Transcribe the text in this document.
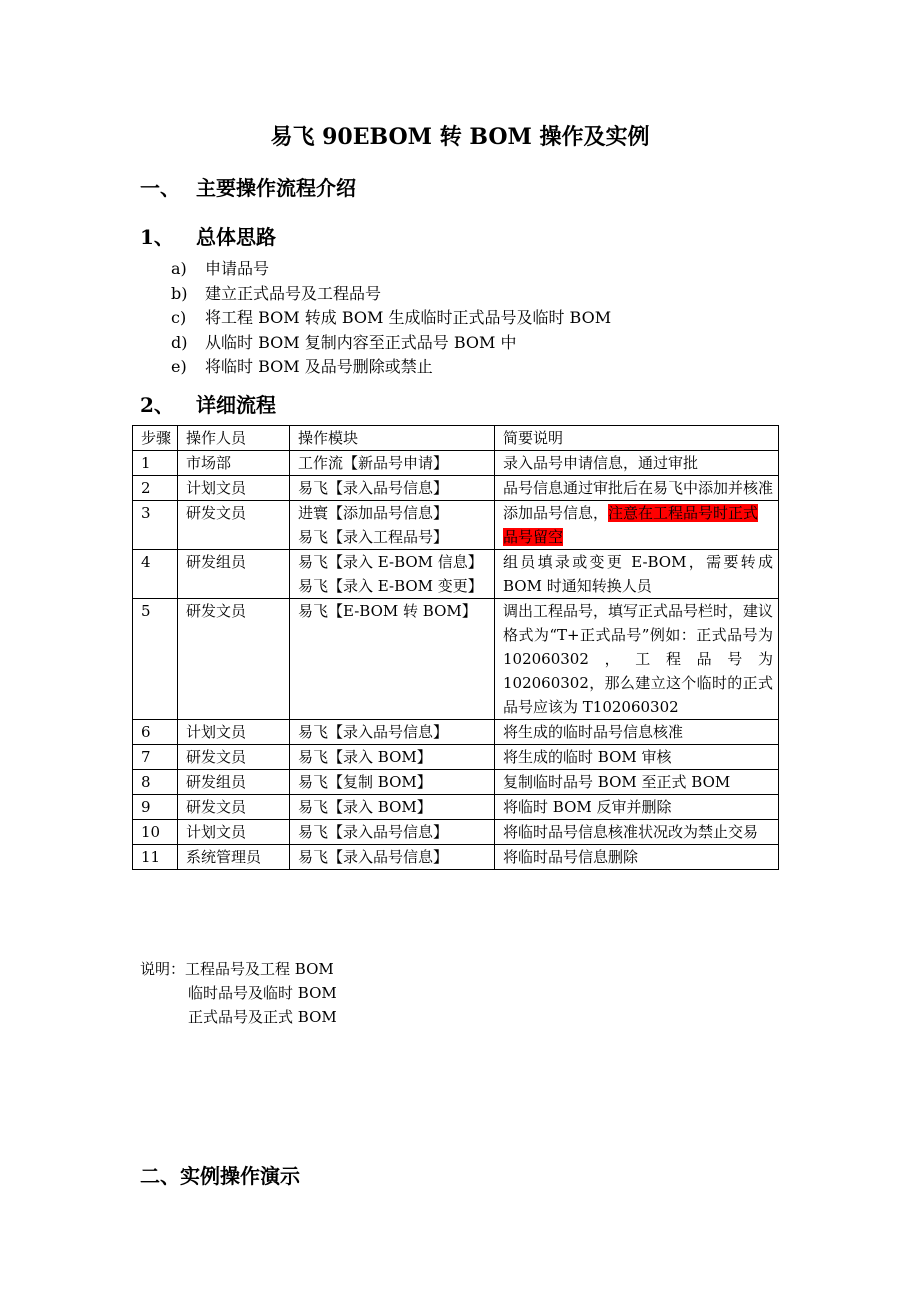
易飞 90EBOM 转 BOM 操作及实例
一、 主要操作流程介绍
1、 总体思路
a) 申请品号
b) 建立正式品号及工程品号
c) 将工程 BOM 转成 BOM 生成临时正式品号及临时 BOM
d) 从临时 BOM 复制内容至正式品号 BOM 中
e) 将临时 BOM 及品号删除或禁止
2、 详细流程
步骤	操作人员	操作模块	简要说明
1	市场部	工作流【新品号申请】	录入品号申请信息，通过审批
2	计划文员	易飞【录入品号信息】	品号信息通过审批后在易飞中添加并核准
3	研发文员	进寰【添加品号信息】
易飞【录入工程品号】	添加品号信息，注意在工程品号时正式品号留空
4	研发组员	易飞【录入 E-BOM 信息】
易飞【录入 E-BOM 变更】	组员填录或变更 E-BOM，需要转成 BOM 时通知转换人员
5	研发文员	易飞【E-BOM 转 BOM】	调出工程品号，填写正式品号栏时，建议格式为“T+正式品号”例如：正式品号为 102060302，工程品号为 102060302，那么建立这个临时的正式品号应该为 T102060302
6	计划文员	易飞【录入品号信息】	将生成的临时品号信息核准
7	研发文员	易飞【录入 BOM】	将生成的临时 BOM 审核
8	研发组员	易飞【复制 BOM】	复制临时品号 BOM 至正式 BOM
9	研发文员	易飞【录入 BOM】	将临时 BOM 反审并删除
10	计划文员	易飞【录入品号信息】	将临时品号信息核准状况改为禁止交易
11	系统管理员	易飞【录入品号信息】	将临时品号信息删除
说明：工程品号及工程 BOM
临时品号及临时 BOM
正式品号及正式 BOM
二、实例操作演示
